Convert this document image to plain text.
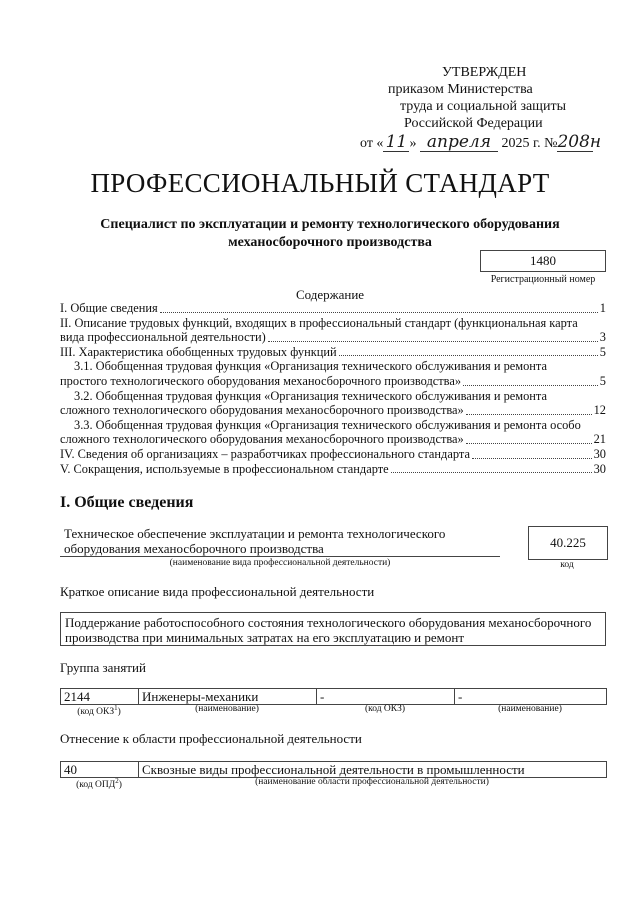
УТВЕРЖДЕН
приказом Министерства
труда и социальной защиты
Российской Федерации
от « 11 » апреля 2025 г. №208н
ПРОФЕССИОНАЛЬНЫЙ СТАНДАРТ
Специалист по эксплуатации и ремонту технологического оборудования механосборочного производства
1480
Регистрационный номер
Содержание
I. Общие сведения	1
II. Описание трудовых функций, входящих в профессиональный стандарт (функциональная карта
вида профессиональной деятельности)	3
III. Характеристика обобщенных трудовых функций	5
3.1. Обобщенная трудовая функция «Организация технического обслуживания и ремонта
простого технологического оборудования механосборочного производства»	5
3.2. Обобщенная трудовая функция «Организация технического обслуживания и ремонта
сложного технологического оборудования механосборочного производства»	12
3.3. Обобщенная трудовая функция «Организация технического обслуживания и ремонта особо
сложного технологического оборудования механосборочного производства»	21
IV. Сведения об организациях – разработчиках профессионального стандарта	30
V. Сокращения, используемые в профессиональном стандарте	30
I. Общие сведения
Техническое обеспечение эксплуатации и ремонта технологического оборудования механосборочного производства
(наименование вида профессиональной деятельности)
40.225
код
Краткое описание вида профессиональной деятельности
Поддержание работоспособного состояния технологического оборудования механосборочного производства при минимальных затратах на его эксплуатацию и ремонт
Группа занятий
2144	Инженеры-механики	-	-
(код ОКЗ$^1$)	(наименование)	(код ОКЗ)	(наименование)
Отнесение к области профессиональной деятельности
40	Сквозные виды профессиональной деятельности в промышленности
(код ОПД$^2$)	(наименование области профессиональной деятельности)
